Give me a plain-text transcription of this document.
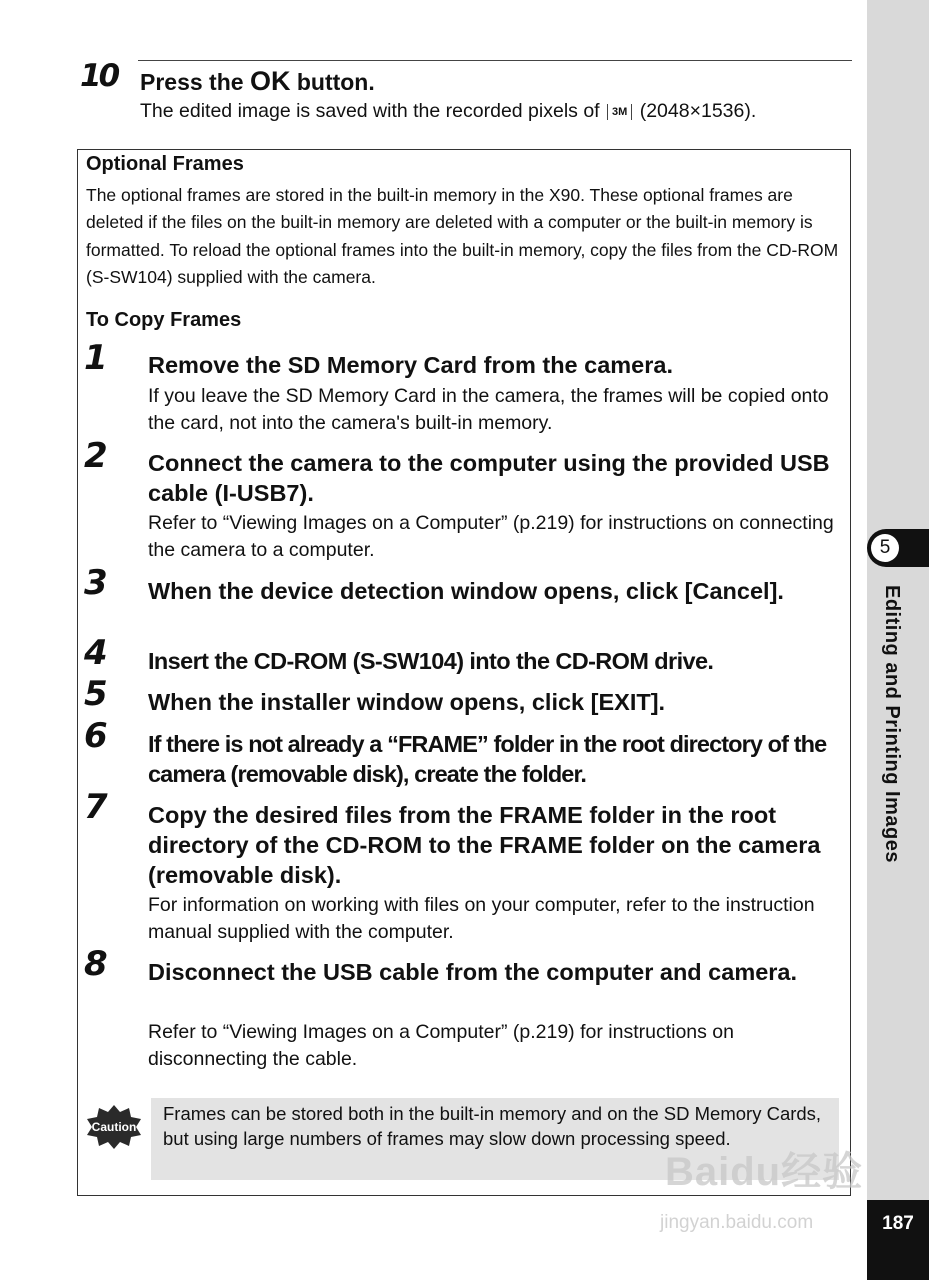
5
Editing and Printing Images
187
10 Press the OK button.
The edited image is saved with the recorded pixels of 3M (2048×1536).
Optional Frames

The optional frames are stored in the built-in memory in the X90. These optional frames are deleted if the files on the built-in memory are deleted with a computer or the built-in memory is formatted. To reload the optional frames into the built-in memory, copy the files from the CD-ROM (S-SW104) supplied with the camera.

To Copy Frames
1 Remove the SD Memory Card from the camera.

If you leave the SD Memory Card in the camera, the frames will be copied onto the card, not into the camera's built-in memory.

2 Connect the camera to the computer using the provided USB cable (I-USB7).

Refer to “Viewing Images on a Computer” (p.219) for instructions on connecting the camera to a computer.

3 When the device detection window opens, click [Cancel].

4 Insert the CD-ROM (S-SW104) into the CD-ROM drive.

5 When the installer window opens, click [EXIT].

6 If there is not already a “FRAME” folder in the root directory of the camera (removable disk), create the folder.

7 Copy the desired files from the FRAME folder in the root directory of the CD-ROM to the FRAME folder on the camera (removable disk).

For information on working with files on your computer, refer to the instruction manual supplied with the computer.

8 Disconnect the USB cable from the computer and camera.

Refer to “Viewing Images on a Computer” (p.219) for instructions on disconnecting the cable.

Caution

Frames can be stored both in the built-in memory and on the SD Memory Cards, but using large numbers of frames may slow down processing speed.

Baidu经验
jingyan.baidu.com
